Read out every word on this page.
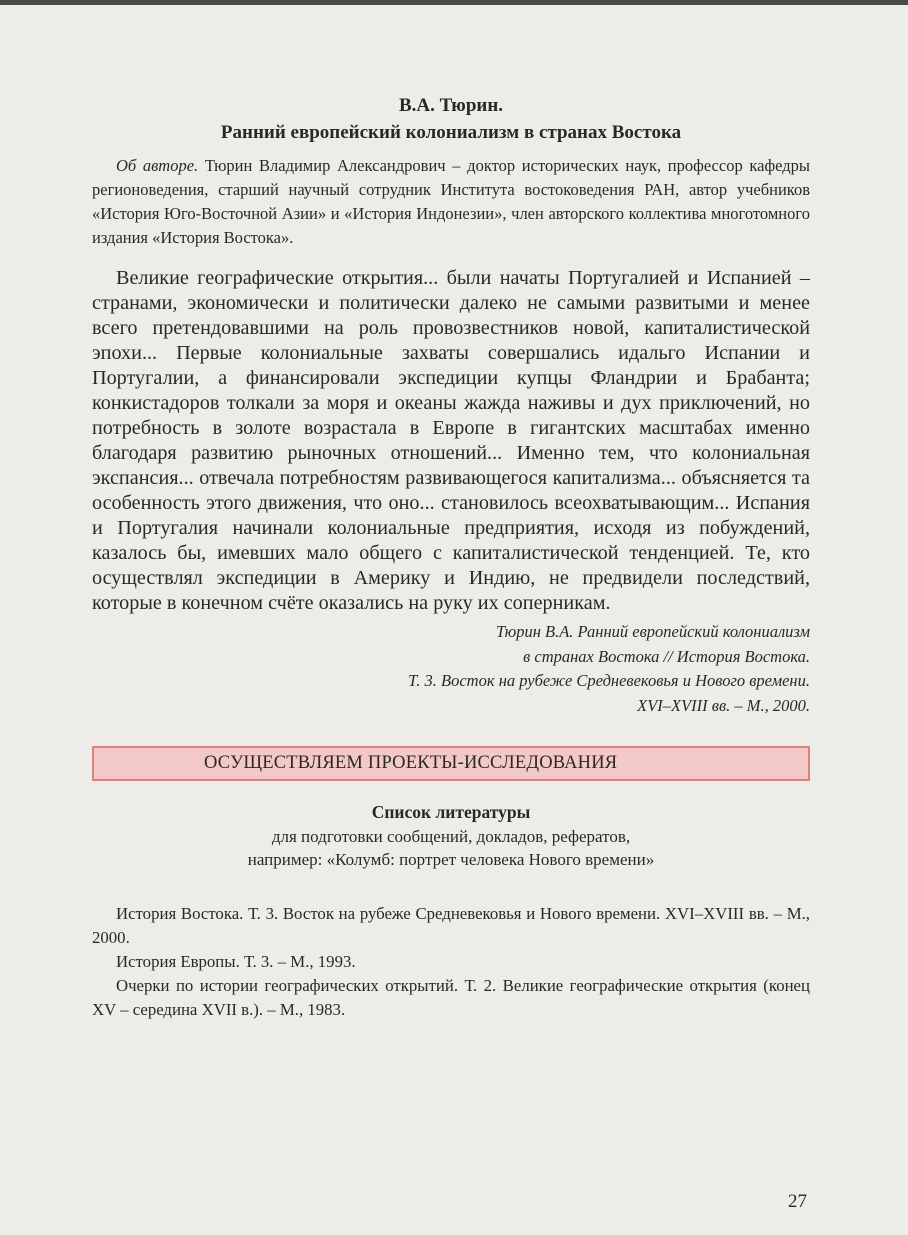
В.А. Тюрин.
Ранний европейский колониализм в странах Востока

Об авторе. Тюрин Владимир Александрович – доктор исторических наук, профессор кафедры регионоведения, старший научный сотрудник Института востоковедения РАН, автор учебников «История Юго-Восточной Азии» и «История Индонезии», член авторского коллектива многотомного издания «История Востока».

Великие географические открытия... были начаты Португалией и Испанией – странами, экономически и политически далеко не самыми развитыми и менее всего претендовавшими на роль провозвестников новой, капиталистической эпохи... Первые колониальные захваты совершались идальго Испании и Португалии, а финансировали экспедиции купцы Фландрии и Брабанта; конкистадоров толкали за моря и океаны жажда наживы и дух приключений, но потребность в золоте возрастала в Европе в гигантских масштабах именно благодаря развитию рыночных отношений... Именно тем, что колониальная экспансия... отвечала потребностям развивающегося капитализма... объясняется та особенность этого движения, что оно... становилось всеохватывающим... Испания и Португалия начинали колониальные предприятия, исходя из побуждений, казалось бы, имевших мало общего с капиталистической тенденцией. Те, кто осуществлял экспедиции в Америку и Индию, не предвидели последствий, которые в конечном счёте оказались на руку их соперникам.

Тюрин В.А. Ранний европейский колониализм
в странах Востока // История Востока.
Т. 3. Восток на рубеже Средневековья и Нового времени.
XVI–XVIII вв. – М., 2000.
ОСУЩЕСТВЛЯЕМ ПРОЕКТЫ-ИССЛЕДОВАНИЯ
Список литературы
для подготовки сообщений, докладов, рефератов,
например: «Колумб: портрет человека Нового времени»

История Востока. Т. 3. Восток на рубеже Средневековья и Нового времени. XVI–XVIII вв. – М., 2000.

История Европы. Т. 3. – М., 1993.

Очерки по истории географических открытий. Т. 2. Великие географические открытия (конец XV – середина XVII в.). – М., 1983.

27
